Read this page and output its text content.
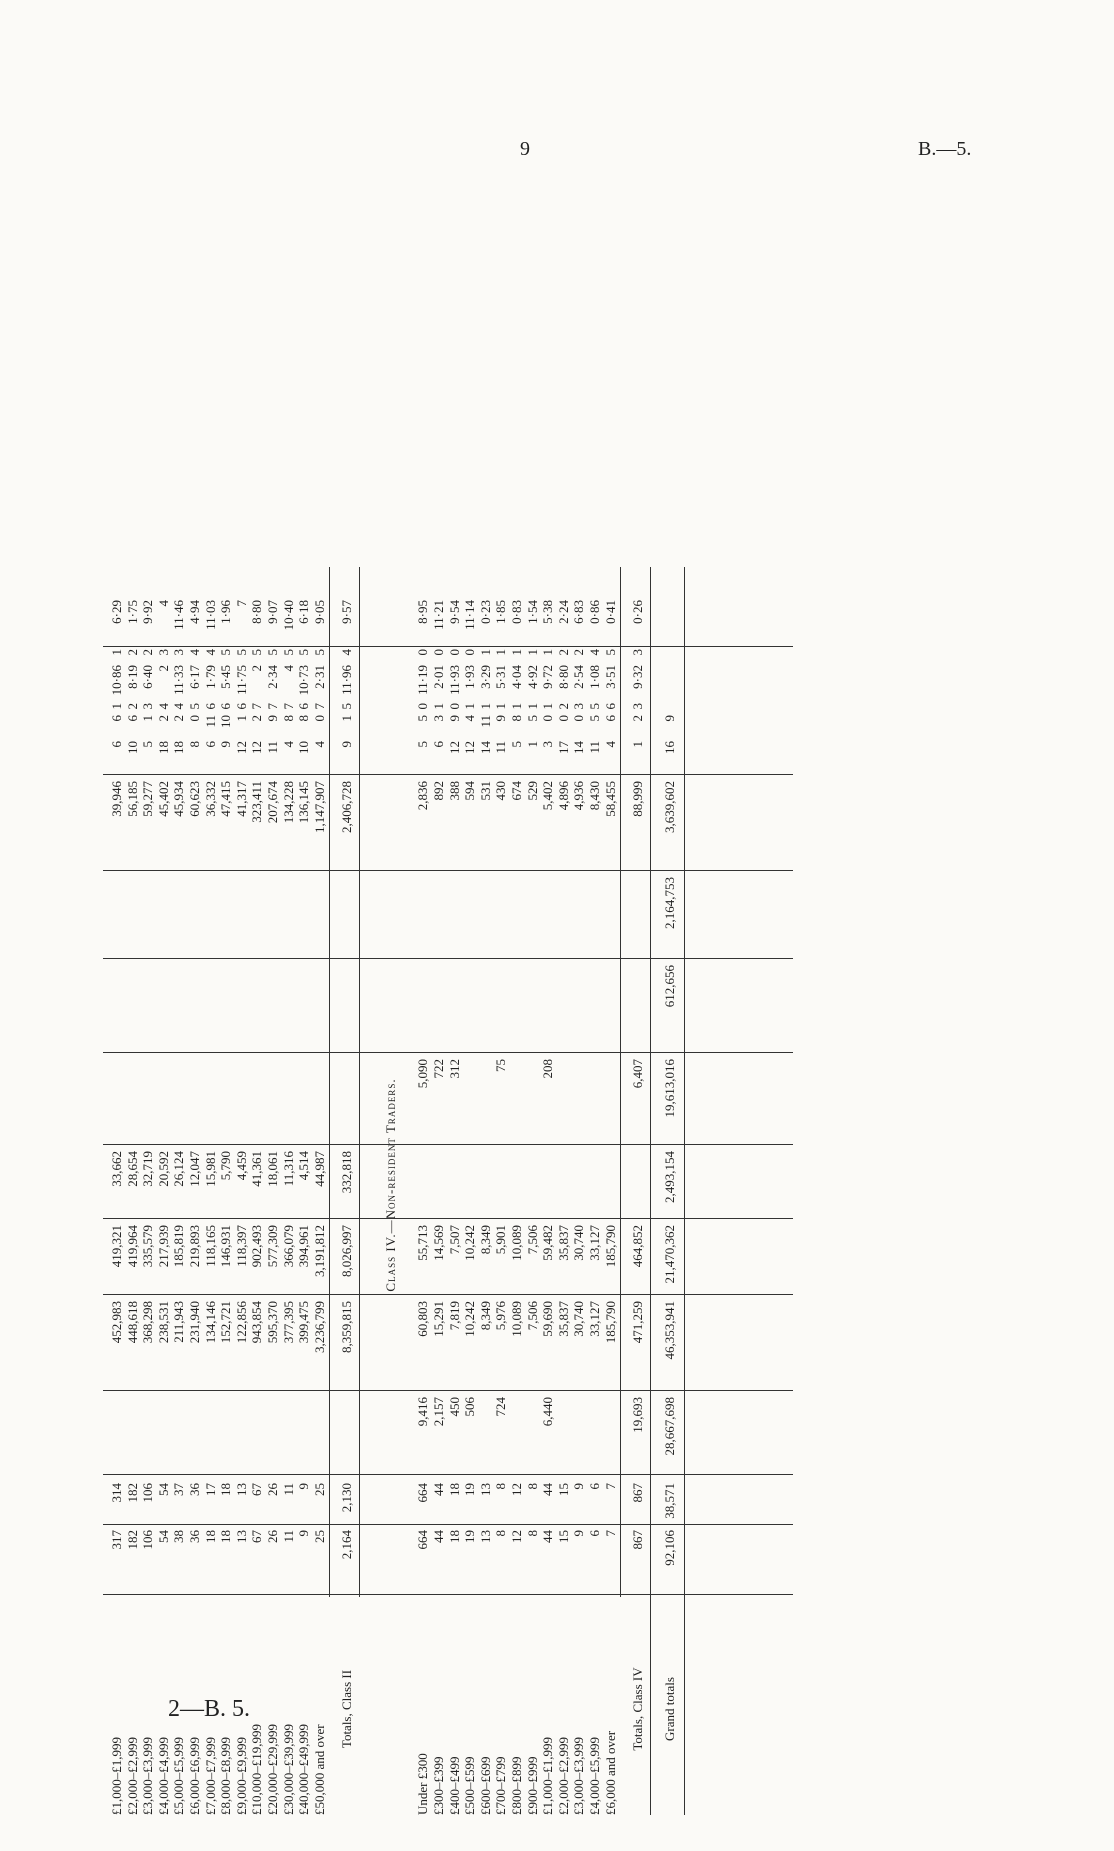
9	B.—5.
2—B. 5.
£1,000–£1,999
317
314
452,983
419,321
33,662
39,946
6
6
1
10·86
1
6·29
£2,000–£2,999
182
182
448,618
419,964
28,654
56,185
10
6
2
8·19
2
1·75
£3,000–£3,999
106
106
368,298
335,579
32,719
59,277
5
1
3
6·40
2
9·92
£4,000–£4,999
54
54
238,531
217,939
20,592
45,402
18
2
4
2
3
4
£5,000–£5,999
38
37
211,943
185,819
26,124
45,934
18
2
4
11·33
3
11·46
£6,000–£6,999
36
36
231,940
219,893
12,047
60,623
8
0
5
6·17
4
4·94
£7,000–£7,999
18
17
134,146
118,165
15,981
36,332
6
11
6
1·79
4
11·03
£8,000–£8,999
18
18
152,721
146,931
5,790
47,415
9
10
6
5·45
5
1·96
£9,000–£9,999
13
13
122,856
118,397
4,459
41,317
12
1
6
11·75
5
7
£10,000–£19,999
67
67
943,854
902,493
41,361
323,411
12
2
7
2
5
8·80
£20,000–£29,999
26
26
595,370
577,309
18,061
207,674
11
9
7
2·34
5
9·07
£30,000–£39,999
11
11
377,395
366,079
11,316
134,228
4
8
7
4
5
10·40
£40,000–£49,999
9
9
399,475
394,961
4,514
136,145
10
8
6
10·73
5
6·18
£50,000 and over
25
25
3,236,799
3,191,812
44,987
1,147,907
4
0
7
2·31
5
9·05
Totals, Class II
2,164
2,130
8,359,815
8,026,997
332,818
2,406,728
9
1
5
11·96
4
9·57
Class IV.—Non-resident Traders.
Under £300
664
664
9,416
60,803
55,713
5,090
2,836
5
5
0
11·19
0
8·95
£300–£399
44
44
2,157
15,291
14,569
722
892
6
3
1
2·01
0
11·21
£400–£499
18
18
450
7,819
7,507
312
388
12
9
0
11·93
0
9·54
£500–£599
19
19
506
10,242
10,242
594
12
4
1
1·93
0
11·14
£600–£699
13
13
8,349
8,349
531
14
11
1
3·29
1
0·23
£700–£799
8
8
724
5,976
5,901
75
430
11
9
1
5·31
1
1·85
£800–£899
12
12
10,089
10,089
674
5
8
1
4·04
1
0·83
£900–£999
8
8
7,506
7,506
529
1
5
1
4·92
1
1·54
£1,000–£1,999
44
44
6,440
59,690
59,482
208
5,402
3
0
1
9·72
1
5·38
£2,000–£2,999
15
15
35,837
35,837
4,896
17
0
2
8·80
2
2·24
£3,000–£3,999
9
9
30,740
30,740
4,936
14
0
3
2·54
2
6·83
£4,000–£5,999
6
6
33,127
33,127
8,430
11
5
5
1·08
4
0·86
£6,000 and over
7
7
185,790
185,790
58,455
4
6
6
3·51
5
0·41
Totals, Class IV
867
867
19,693
471,259
464,852
6,407
88,999
1
2
3
9·32
3
0·26
Grand totals
92,106
38,571
28,667,698
46,353,941
21,470,362
2,493,154
19,613,016
612,656
2,164,753
3,639,602
16
9
